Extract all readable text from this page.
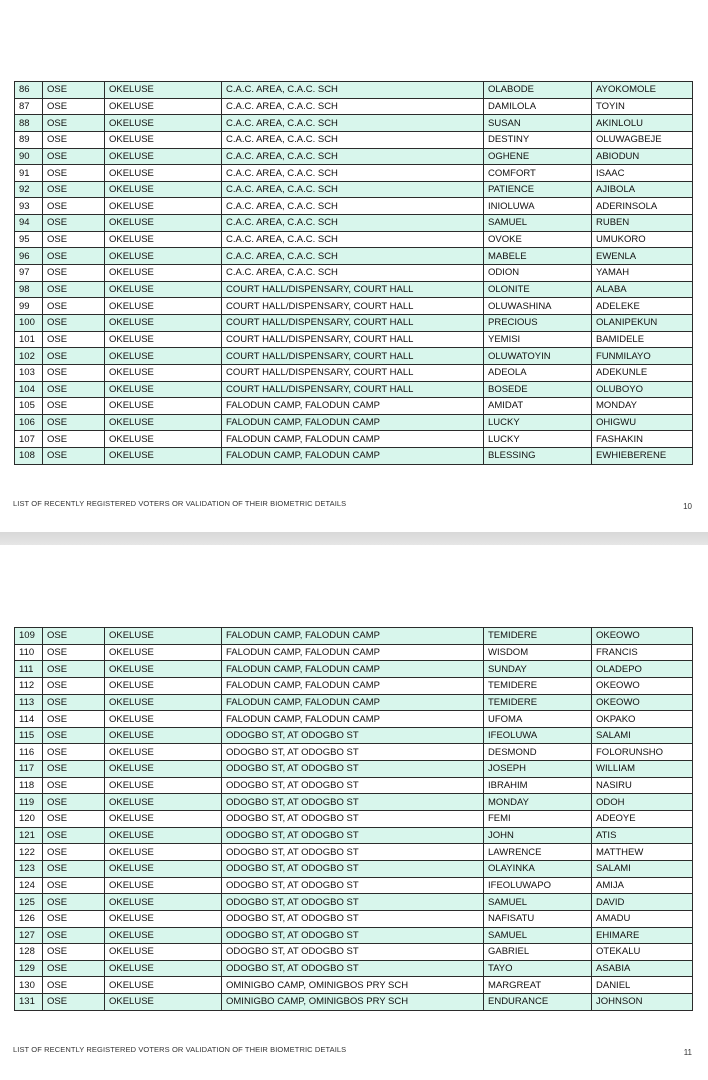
86	OSE	OKELUSE	C.A.C. AREA, C.A.C. SCH	OLABODE	AYOKOMOLE
87	OSE	OKELUSE	C.A.C. AREA, C.A.C. SCH	DAMILOLA	TOYIN
88	OSE	OKELUSE	C.A.C. AREA, C.A.C. SCH	SUSAN	AKINLOLU
89	OSE	OKELUSE	C.A.C. AREA, C.A.C. SCH	DESTINY	OLUWAGBEJE
90	OSE	OKELUSE	C.A.C. AREA, C.A.C. SCH	OGHENE	ABIODUN
91	OSE	OKELUSE	C.A.C. AREA, C.A.C. SCH	COMFORT	ISAAC
92	OSE	OKELUSE	C.A.C. AREA, C.A.C. SCH	PATIENCE	AJIBOLA
93	OSE	OKELUSE	C.A.C. AREA, C.A.C. SCH	INIOLUWA	ADERINSOLA
94	OSE	OKELUSE	C.A.C. AREA, C.A.C. SCH	SAMUEL	RUBEN
95	OSE	OKELUSE	C.A.C. AREA, C.A.C. SCH	OVOKE	UMUKORO
96	OSE	OKELUSE	C.A.C. AREA, C.A.C. SCH	MABELE	EWENLA
97	OSE	OKELUSE	C.A.C. AREA, C.A.C. SCH	ODION	YAMAH
98	OSE	OKELUSE	COURT HALL/DISPENSARY, COURT HALL	OLONITE	ALABA
99	OSE	OKELUSE	COURT HALL/DISPENSARY, COURT HALL	OLUWASHINA	ADELEKE
100	OSE	OKELUSE	COURT HALL/DISPENSARY, COURT HALL	PRECIOUS	OLANIPEKUN
101	OSE	OKELUSE	COURT HALL/DISPENSARY, COURT HALL	YEMISI	BAMIDELE
102	OSE	OKELUSE	COURT HALL/DISPENSARY, COURT HALL	OLUWATOYIN	FUNMILAYO
103	OSE	OKELUSE	COURT HALL/DISPENSARY, COURT HALL	ADEOLA	ADEKUNLE
104	OSE	OKELUSE	COURT HALL/DISPENSARY, COURT HALL	BOSEDE	OLUBOYO
105	OSE	OKELUSE	FALODUN CAMP, FALODUN CAMP	AMIDAT	MONDAY
106	OSE	OKELUSE	FALODUN CAMP, FALODUN CAMP	LUCKY	OHIGWU
107	OSE	OKELUSE	FALODUN CAMP, FALODUN CAMP	LUCKY	FASHAKIN
108	OSE	OKELUSE	FALODUN CAMP, FALODUN CAMP	BLESSING	EWHIEBERENE
LIST OF RECENTLY REGISTERED VOTERS OR VALIDATION OF THEIR BIOMETRIC DETAILS	10
109	OSE	OKELUSE	FALODUN CAMP, FALODUN CAMP	TEMIDERE	OKEOWO
110	OSE	OKELUSE	FALODUN CAMP, FALODUN CAMP	WISDOM	FRANCIS
111	OSE	OKELUSE	FALODUN CAMP, FALODUN CAMP	SUNDAY	OLADEPO
112	OSE	OKELUSE	FALODUN CAMP, FALODUN CAMP	TEMIDERE	OKEOWO
113	OSE	OKELUSE	FALODUN CAMP, FALODUN CAMP	TEMIDERE	OKEOWO
114	OSE	OKELUSE	FALODUN CAMP, FALODUN CAMP	UFOMA	OKPAKO
115	OSE	OKELUSE	ODOGBO ST, AT ODOGBO ST	IFEOLUWA	SALAMI
116	OSE	OKELUSE	ODOGBO ST, AT ODOGBO ST	DESMOND	FOLORUNSHO
117	OSE	OKELUSE	ODOGBO ST, AT ODOGBO ST	JOSEPH	WILLIAM
118	OSE	OKELUSE	ODOGBO ST, AT ODOGBO ST	IBRAHIM	NASIRU
119	OSE	OKELUSE	ODOGBO ST, AT ODOGBO ST	MONDAY	ODOH
120	OSE	OKELUSE	ODOGBO ST, AT ODOGBO ST	FEMI	ADEOYE
121	OSE	OKELUSE	ODOGBO ST, AT ODOGBO ST	JOHN	ATIS
122	OSE	OKELUSE	ODOGBO ST, AT ODOGBO ST	LAWRENCE	MATTHEW
123	OSE	OKELUSE	ODOGBO ST, AT ODOGBO ST	OLAYINKA	SALAMI
124	OSE	OKELUSE	ODOGBO ST, AT ODOGBO ST	IFEOLUWAPO	AMIJA
125	OSE	OKELUSE	ODOGBO ST, AT ODOGBO ST	SAMUEL	DAVID
126	OSE	OKELUSE	ODOGBO ST, AT ODOGBO ST	NAFISATU	AMADU
127	OSE	OKELUSE	ODOGBO ST, AT ODOGBO ST	SAMUEL	EHIMARE
128	OSE	OKELUSE	ODOGBO ST, AT ODOGBO ST	GABRIEL	OTEKALU
129	OSE	OKELUSE	ODOGBO ST, AT ODOGBO ST	TAYO	ASABIA
130	OSE	OKELUSE	OMINIGBO CAMP, OMINIGBOS PRY SCH	MARGREAT	DANIEL
131	OSE	OKELUSE	OMINIGBO CAMP, OMINIGBOS PRY SCH	ENDURANCE	JOHNSON
LIST OF RECENTLY REGISTERED VOTERS OR VALIDATION OF THEIR BIOMETRIC DETAILS	11
